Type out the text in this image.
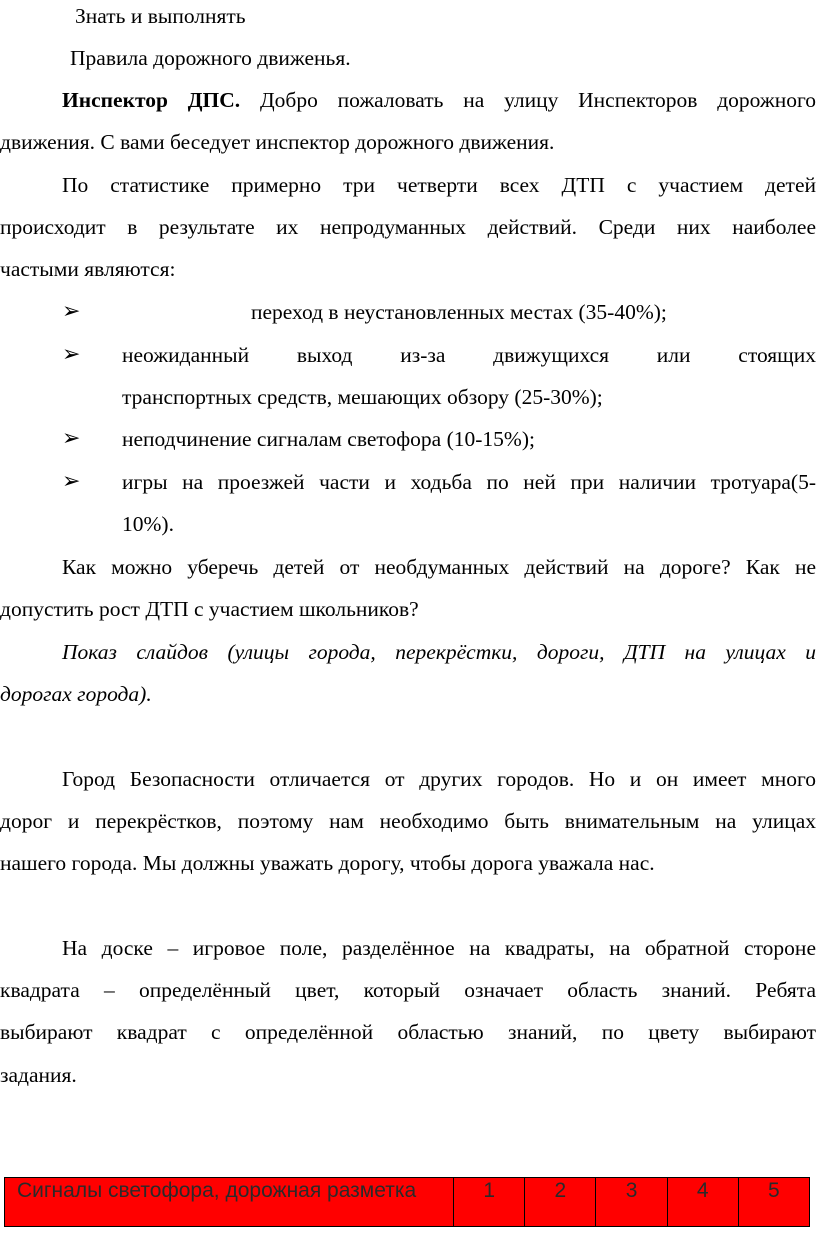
Знать и выполнять
Правила дорожного движенья.
Инспектор ДПС. Добро пожаловать на улицу Инспекторов дорожного
движения. С вами беседует инспектор дорожного движения.
По статистике примерно три четверти всех ДТП с участием детей
происходит в результате их непродуманных действий. Среди них наиболее
частыми являются:
➢	переход в неустановленных местах (35-40%);
➢ неожиданный выход из-за движущихся или стоящих
транспортных средств, мешающих обзору (25-30%);
➢ неподчинение сигналам светофора (10-15%);
➢ игры на проезжей части и ходьба по ней при наличии тротуара(5-
10%).
Как можно уберечь детей от необдуманных действий на дороге? Как не
допустить рост ДТП с участием школьников?
Показ слайдов (улицы города, перекрёстки, дороги, ДТП на улицах и
дорогах города).
Город Безопасности отличается от других городов. Но и он имеет много
дорог и перекрёстков, поэтому нам необходимо быть внимательным на улицах
нашего города. Мы должны уважать дорогу, чтобы дорога уважала нас.
На доске – игровое поле, разделённое на квадраты, на обратной стороне
квадрата – определённый цвет, который означает область знаний. Ребята
выбирают квадрат с определённой областью знаний, по цвету выбирают
задания.
Сигналы светофора, дорожная разметка	1	2	3	4	5
